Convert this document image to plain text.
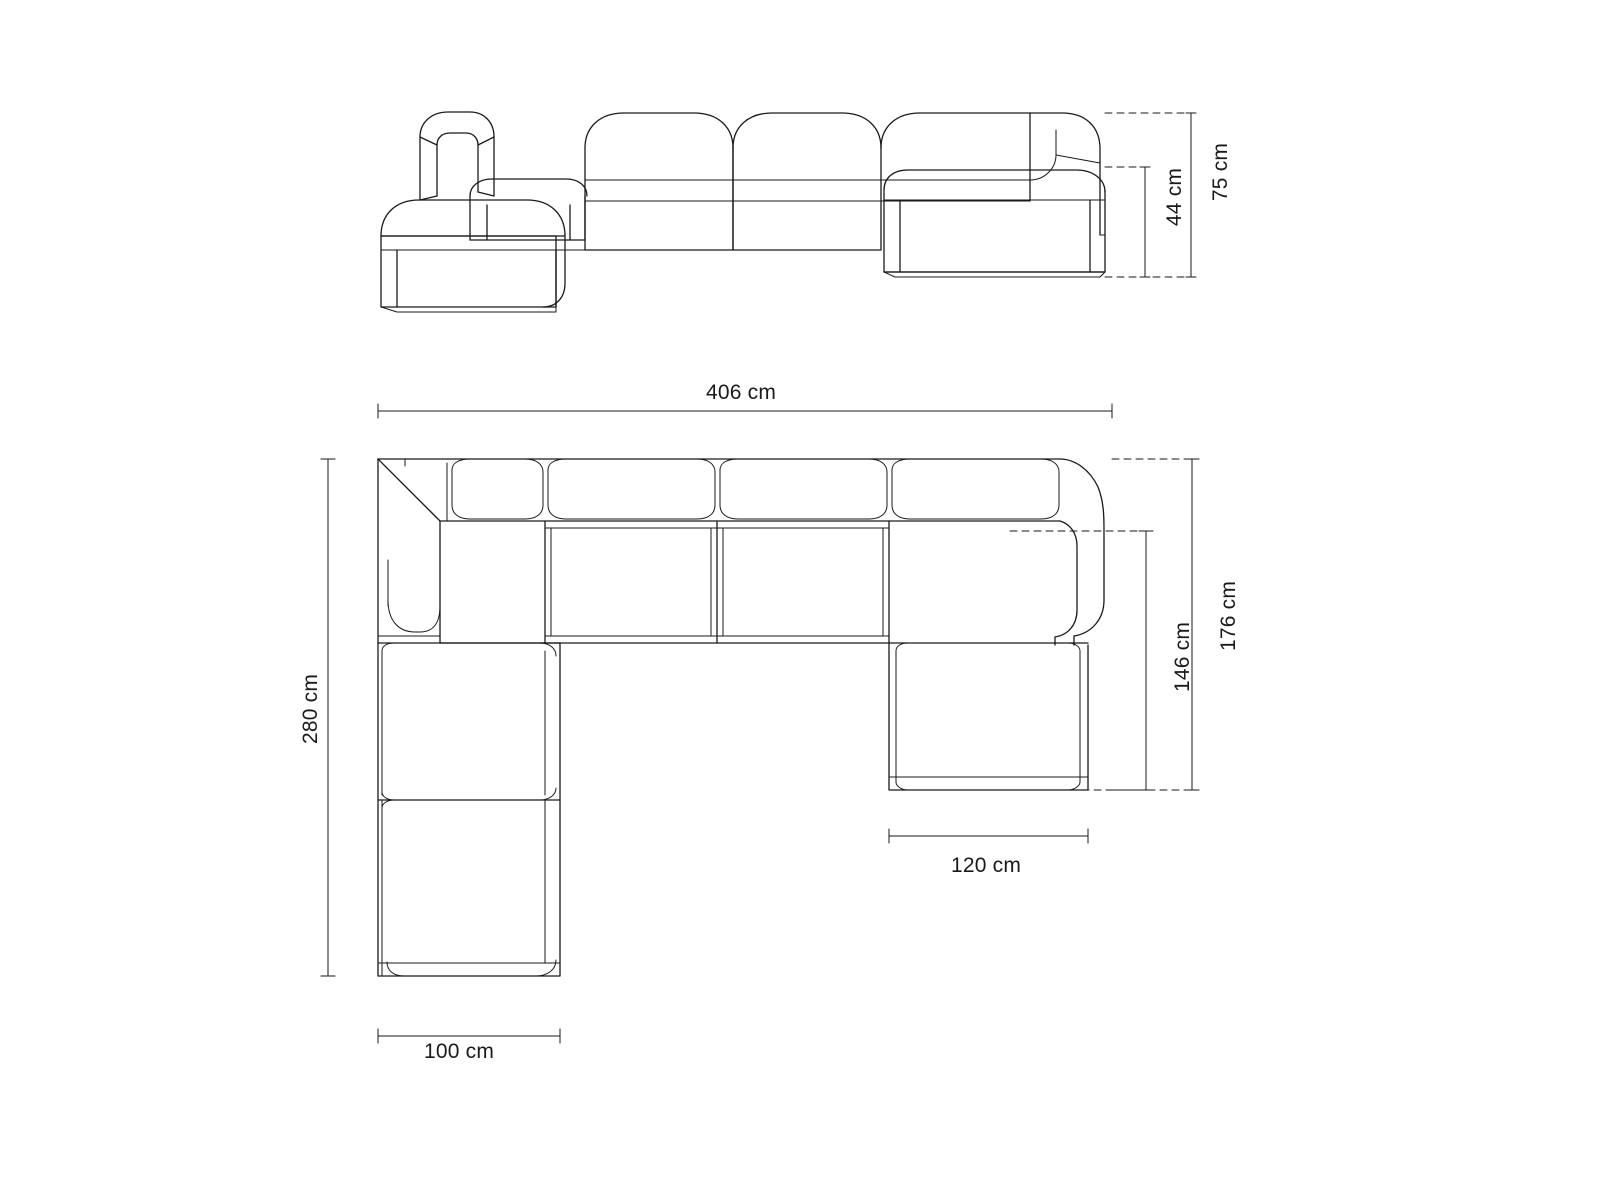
75 cm
44 cm
406 cm
280 cm
176 cm
146 cm
120 cm
100 cm
